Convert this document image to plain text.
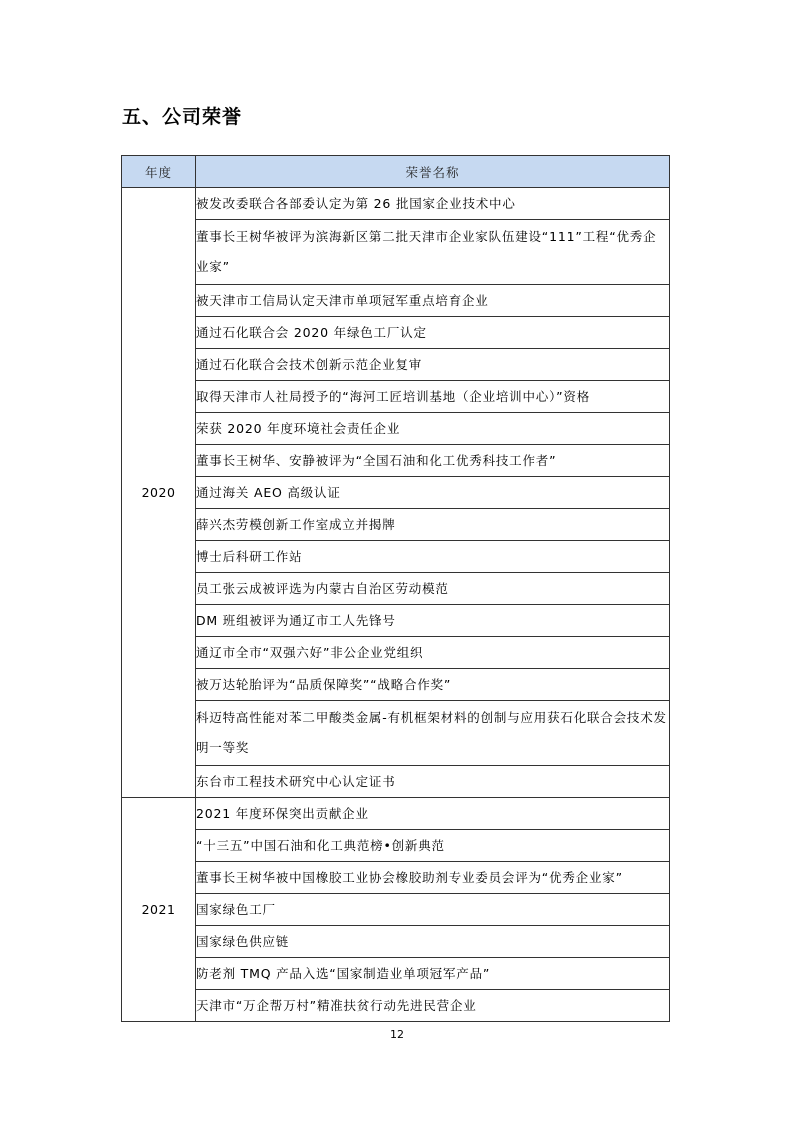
五、公司荣誉
年度	荣誉名称
2020	被发改委联合各部委认定为第 26 批国家企业技术中心
	董事长王树华被评为滨海新区第二批天津市企业家队伍建设“111”工程“优秀企业家”
	被天津市工信局认定天津市单项冠军重点培育企业
	通过石化联合会 2020 年绿色工厂认定
	通过石化联合会技术创新示范企业复审
	取得天津市人社局授予的“海河工匠培训基地（企业培训中心）”资格
	荣获 2020 年度环境社会责任企业
	董事长王树华、安静被评为“全国石油和化工优秀科技工作者”
	通过海关 AEO 高级认证
	薛兴杰劳模创新工作室成立并揭牌
	博士后科研工作站
	员工张云成被评选为内蒙古自治区劳动模范
	DM 班组被评为通辽市工人先锋号
	通辽市全市“双强六好”非公企业党组织
	被万达轮胎评为“品质保障奖”“战略合作奖”
	科迈特高性能对苯二甲酸类金属-有机框架材料的创制与应用获石化联合会技术发明一等奖
	东台市工程技术研究中心认定证书
2021	2021 年度环保突出贡献企业
	“十三五”中国石油和化工典范榜•创新典范
	董事长王树华被中国橡胶工业协会橡胶助剂专业委员会评为“优秀企业家”
	国家绿色工厂
	国家绿色供应链
	防老剂 TMQ 产品入选“国家制造业单项冠军产品”
	天津市“万企帮万村”精准扶贫行动先进民营企业
12
